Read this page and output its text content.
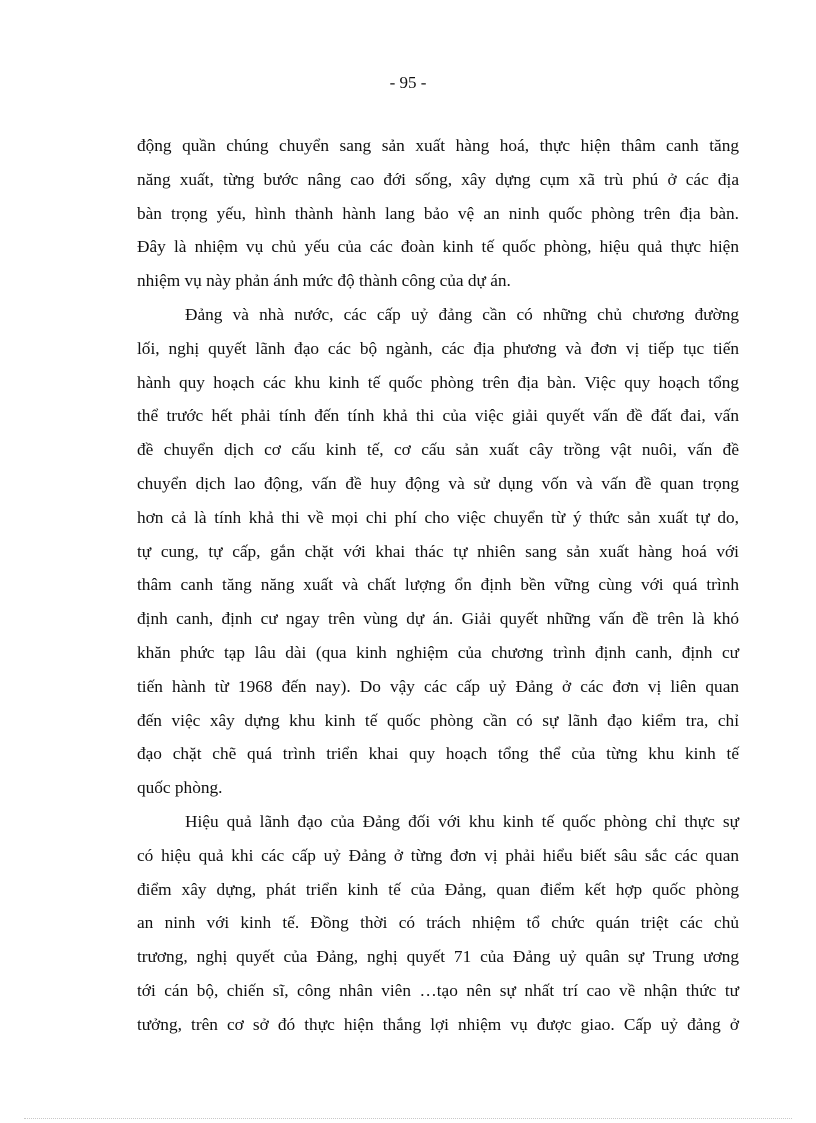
- 95 -
động quần chúng chuyển sang sản xuất hàng hoá, thực hiện thâm canh tăng
năng xuất, từng bước nâng cao đới sống, xây dựng cụm xã trù phú ở các địa
bàn trọng yếu, hình thành hành lang bảo vệ an ninh quốc phòng trên địa bàn.
Đây là nhiệm vụ chủ yếu của các đoàn kinh tế quốc phòng, hiệu quả thực hiện
nhiệm vụ này phản ánh mức độ thành công của dự án.
Đảng và nhà nước, các cấp uỷ đảng cần có những chủ chương đường
lối, nghị quyết lãnh đạo các bộ ngành, các địa phương và đơn vị tiếp tục tiến
hành quy hoạch các khu kinh tế quốc phòng trên địa bàn. Việc quy hoạch tổng
thể trước hết phải tính đến tính khả thi của việc giải quyết vấn đề đất đai, vấn
đề chuyển dịch cơ cấu kinh tế, cơ cấu sản xuất cây trồng vật nuôi, vấn đề
chuyển dịch lao động, vấn đề huy động và sử dụng vốn và vấn đề quan trọng
hơn cả là tính khả thi về mọi chi phí cho việc chuyển từ ý thức sản xuất tự do,
tự cung, tự cấp, gắn chặt với khai thác tự nhiên sang sản xuất hàng hoá với
thâm canh tăng năng xuất và chất lượng ổn định bền vững cùng với quá trình
định canh, định cư ngay trên vùng dự án. Giải quyết những vấn đề trên là khó
khăn phức tạp lâu dài (qua kinh nghiệm của chương trình định canh, định cư
tiến hành từ 1968 đến nay). Do vậy các cấp uỷ Đảng ở các đơn vị liên quan
đến việc xây dựng khu kinh tế quốc phòng cần có sự lãnh đạo kiểm tra, chỉ
đạo chặt chẽ quá trình triển khai quy hoạch tổng thể của từng khu kinh tế
quốc phòng.
Hiệu quả lãnh đạo của Đảng đối với khu kinh tế quốc phòng chỉ thực sự
có hiệu quả khi các cấp uỷ Đảng ở từng đơn vị phải hiểu biết sâu sắc các quan
điểm xây dựng, phát triển kinh tế của Đảng, quan điểm kết hợp quốc phòng
an ninh với kinh tế. Đồng thời có trách nhiệm tổ chức quán triệt các chủ
trương, nghị quyết của Đảng, nghị quyết 71 của Đảng uỷ quân sự Trung ương
tới cán bộ, chiến sĩ, công nhân viên …tạo nên sự nhất trí cao về nhận thức tư
tưởng, trên cơ sở đó thực hiện thắng lợi nhiệm vụ được giao. Cấp uỷ đảng ở
